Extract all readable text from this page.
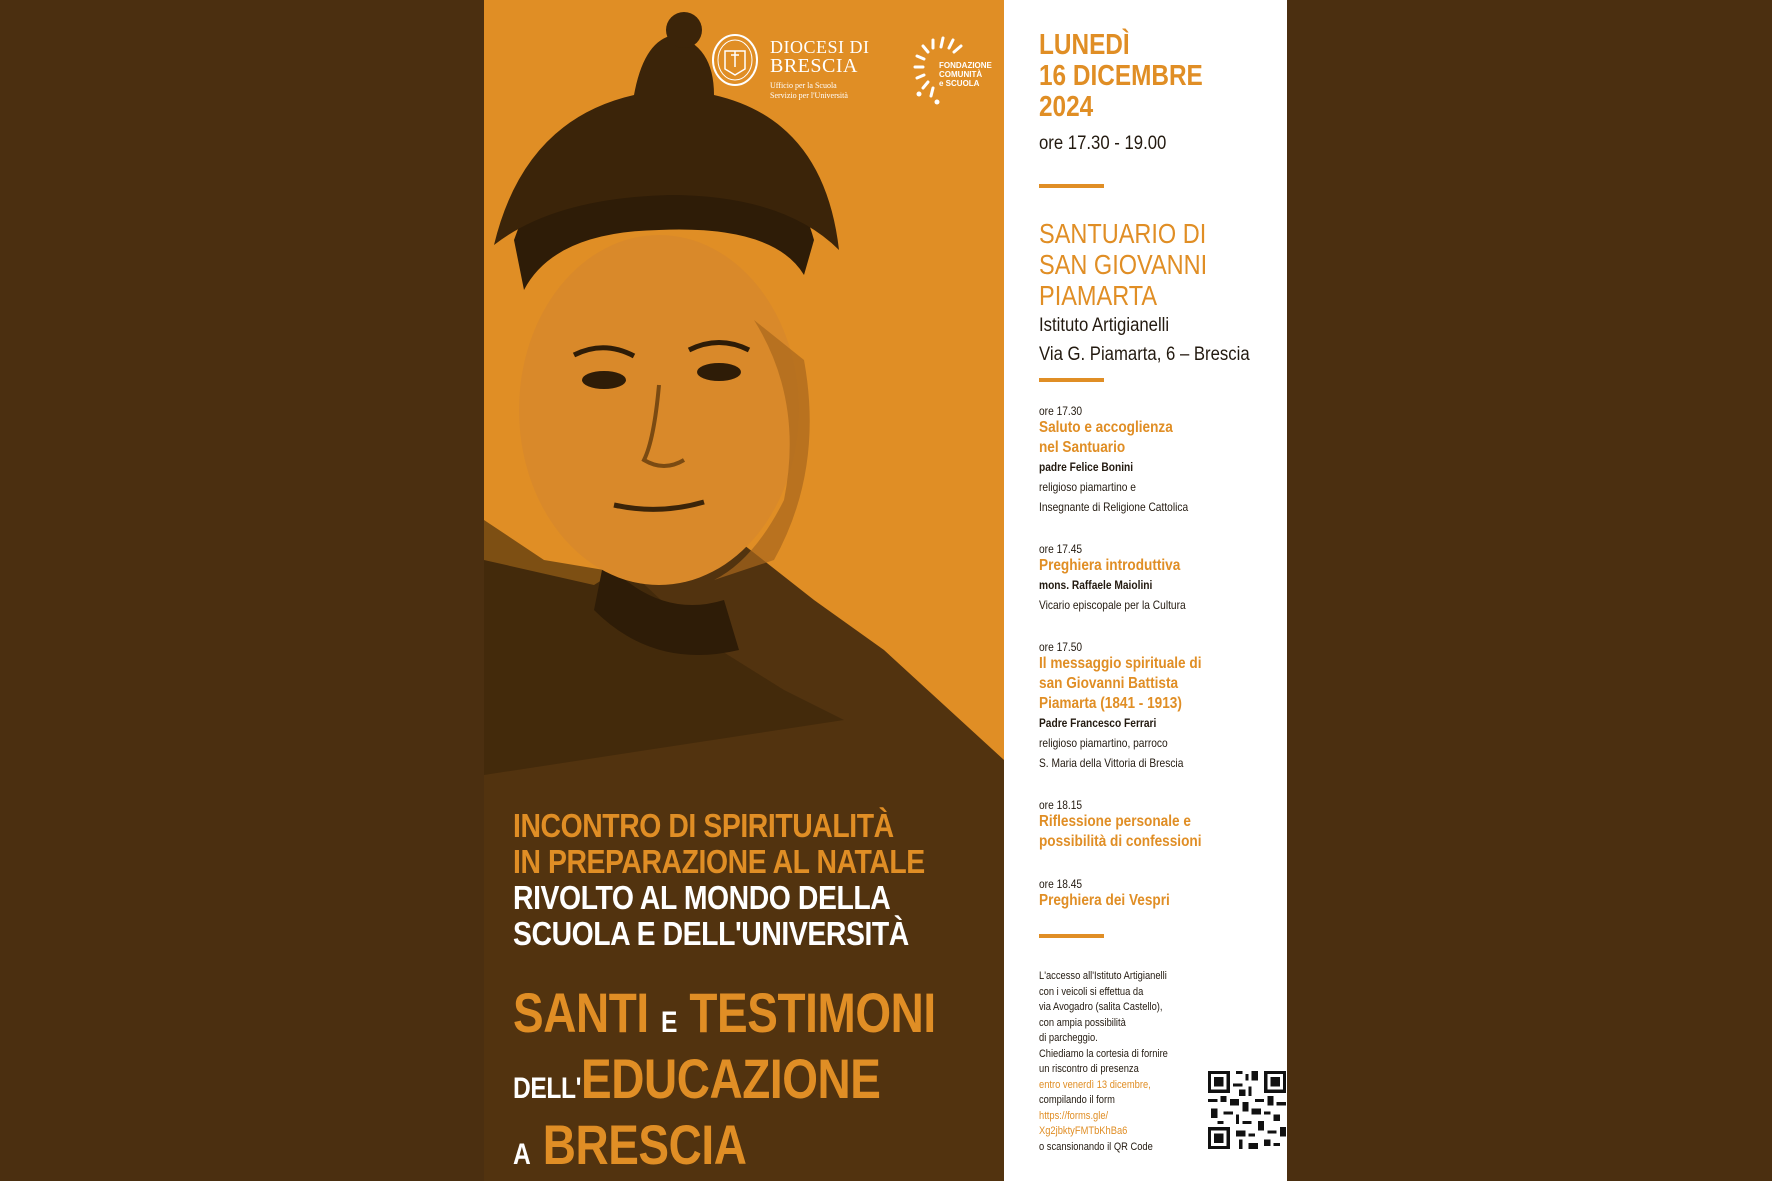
DIOCESI DI
BRESCIA
Ufficio per la Scuola
Servizio per l'Università
FONDAZIONE
COMUNITÀ
e SCUOLA
INCONTRO DI SPIRITUALITÀ
IN PREPARAZIONE AL NATALE
RIVOLTO AL MONDO DELLA
SCUOLA E DELL'UNIVERSITÀ
SANTI E TESTIMONI
DELL'EDUCAZIONE
A BRESCIA
LUNEDÌ
16 DICEMBRE
2024
ore 17.30 - 19.00
SANTUARIO DI
SAN GIOVANNI
PIAMARTA
Istituto Artigianelli
Via G. Piamarta, 6 – Brescia
ore 17.30
Saluto e accoglienza
nel Santuario
padre Felice Bonini
religioso piamartino e
Insegnante di Religione Cattolica
ore 17.45
Preghiera introduttiva
mons. Raffaele Maiolini
Vicario episcopale per la Cultura
ore 17.50
Il messaggio spirituale di
san Giovanni Battista
Piamarta (1841 - 1913)
Padre Francesco Ferrari
religioso piamartino, parroco
S. Maria della Vittoria di Brescia
ore 18.15
Riflessione personale e
possibilità di confessioni
ore 18.45
Preghiera dei Vespri
L'accesso all'Istituto Artigianelli
con i veicoli si effettua da
via Avogadro (salita Castello),
con ampia possibilità
di parcheggio.
Chiediamo la cortesia di fornire
un riscontro di presenza
entro venerdì 13 dicembre,
compilando il form
https://forms.gle/
Xg2jbktyFMTbKhBa6
o scansionando il QR Code
